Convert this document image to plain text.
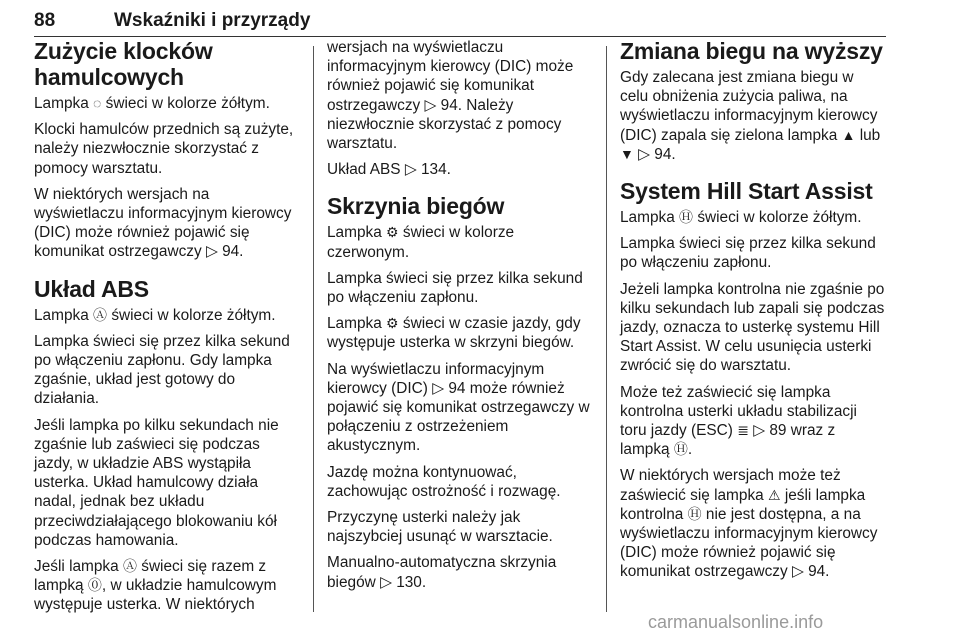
88	Wskaźniki i przyrządy
Zużycie klocków hamulcowych

Lampka ◌ świeci w kolorze żółtym.

Klocki hamulców przednich są zużyte, należy niezwłocznie skorzystać z pomocy warsztatu.

W niektórych wersjach na wyświetlaczu informacyjnym kierowcy (DIC) może również pojawić się komunikat ostrzegawczy ▷ 94.

Układ ABS

Lampka Ⓐ świeci w kolorze żółtym.

Lampka świeci się przez kilka sekund po włączeniu zapłonu. Gdy lampka zgaśnie, układ jest gotowy do działania.

Jeśli lampka po kilku sekundach nie zgaśnie lub zaświeci się podczas jazdy, w układzie ABS wystąpiła usterka. Układ hamulcowy działa nadal, jednak bez układu przeciwdziałającego blokowaniu kół podczas hamowania.

Jeśli lampka Ⓐ świeci się razem z lampką ⓪, w układzie hamulcowym występuje usterka. W niektórych

wersjach na wyświetlaczu informacyjnym kierowcy (DIC) może również pojawić się komunikat ostrzegawczy ▷ 94. Należy niezwłocznie skorzystać z pomocy warsztatu.

Układ ABS ▷ 134.

Skrzynia biegów

Lampka ⚙ świeci w kolorze czerwonym.

Lampka świeci się przez kilka sekund po włączeniu zapłonu.

Lampka ⚙ świeci w czasie jazdy, gdy występuje usterka w skrzyni biegów.

Na wyświetlaczu informacyjnym kierowcy (DIC) ▷ 94 może również pojawić się komunikat ostrzegawczy w połączeniu z ostrzeżeniem akustycznym.

Jazdę można kontynuować, zachowując ostrożność i rozwagę.

Przyczynę usterki należy jak najszybciej usunąć w warsztacie.

Manualno-automatyczna skrzynia biegów ▷ 130.

Zmiana biegu na wyższy

Gdy zalecana jest zmiana biegu w celu obniżenia zużycia paliwa, na wyświetlaczu informacyjnym kierowcy (DIC) zapala się zielona lampka ▲ lub ▼ ▷ 94.

System Hill Start Assist

Lampka Ⓗ świeci w kolorze żółtym.

Lampka świeci się przez kilka sekund po włączeniu zapłonu.

Jeżeli lampka kontrolna nie zgaśnie po kilku sekundach lub zapali się podczas jazdy, oznacza to usterkę systemu Hill Start Assist. W celu usunięcia usterki zwrócić się do warsztatu.

Może też zaświecić się lampka kontrolna usterki układu stabilizacji toru jazdy (ESC) ≣ ▷ 89 wraz z lampką Ⓗ.

W niektórych wersjach może też zaświecić się lampka ⚠ jeśli lampka kontrolna Ⓗ nie jest dostępna, a na wyświetlaczu informacyjnym kierowcy (DIC) może również pojawić się komunikat ostrzegawczy ▷ 94.

carmanualsonline.info
